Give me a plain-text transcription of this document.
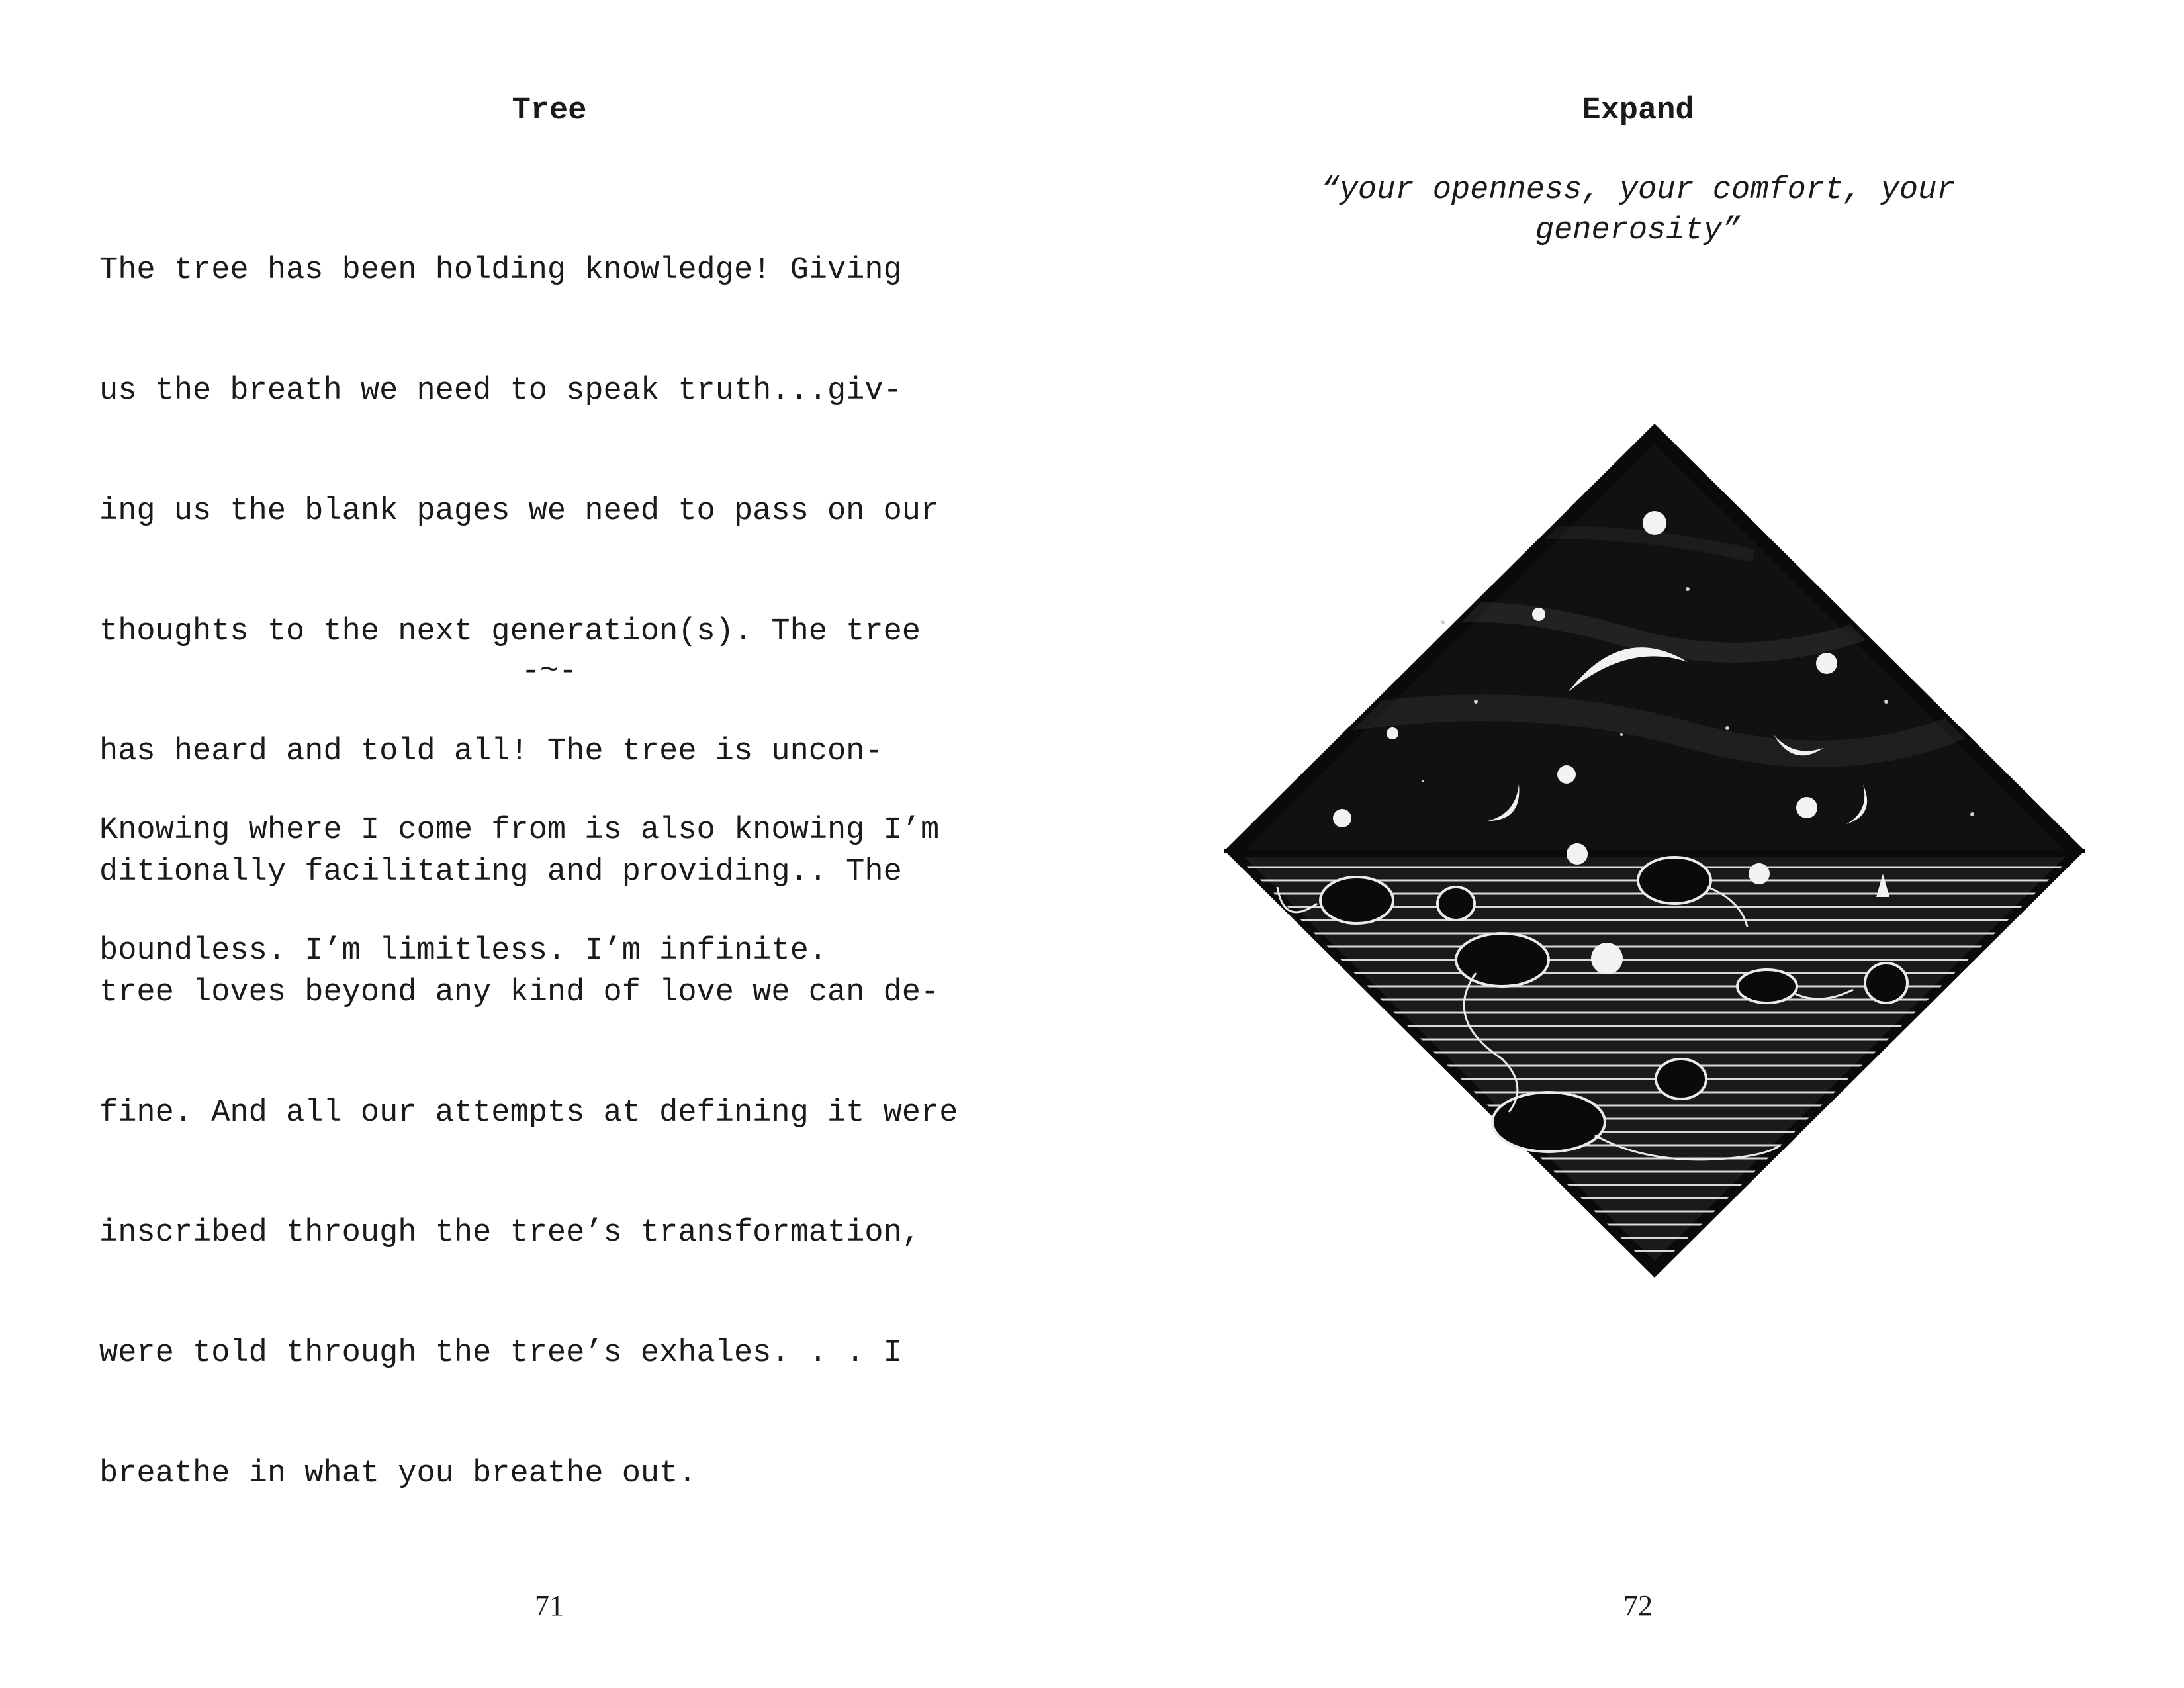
Tree

The tree has been holding knowledge! Giving

us the breath we need to speak truth...giv-

ing us the blank pages we need to pass on our

thoughts to the next generation(s). The tree

has heard and told all! The tree is uncon-

ditionally facilitating and providing.. The

tree loves beyond any kind of love we can de-

fine. And all our attempts at defining it were

inscribed through the tree’s transformation,

were told through the tree’s exhales. . . I

breathe in what you breathe out.

-~-

Knowing where I come from is also knowing I’m

boundless. I’m limitless. I’m infinite.

71

Expand

“your openness, your comfort, your
generosity”

72
